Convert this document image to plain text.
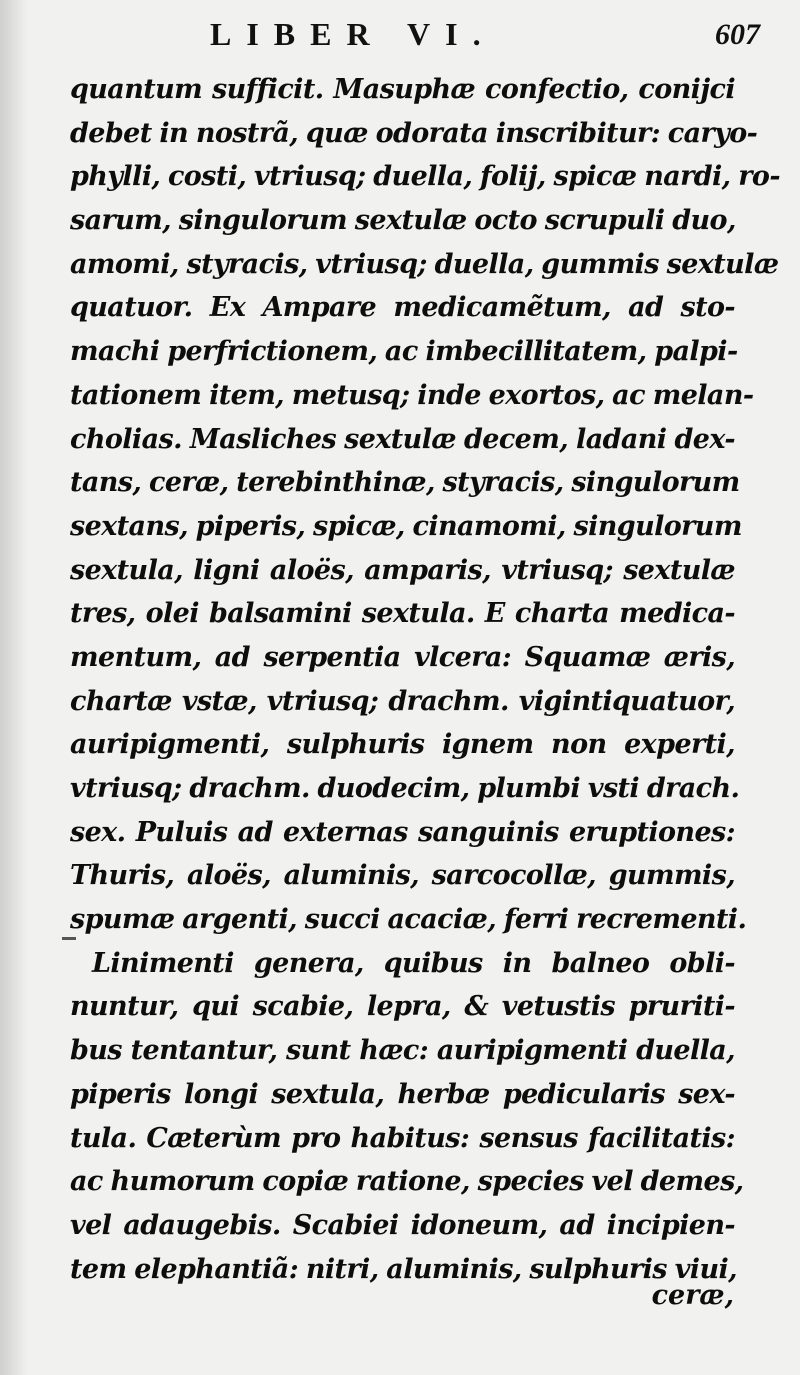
LIBER VI.	607
quantum sufficit. Masuphæ confectio, conijci
debet in nostrã, quæ odorata inscribitur: caryo-
phylli, costi, vtriusq; duella, folij, spicæ nardi, ro-
sarum, singulorum sextulæ octo scrupuli duo,
amomi, styracis, vtriusq; duella, gummis sextulæ
quatuor. Ex Ampare medicamẽtum, ad sto-
machi perfrictionem, ac imbecillitatem, palpi-
tationem item, metusq; inde exortos, ac melan-
cholias. Masliches sextulæ decem, ladani dex-
tans, ceræ, terebinthinæ, styracis, singulorum
sextans, piperis, spicæ, cinamomi, singulorum
sextula, ligni aloës, amparis, vtriusq; sextulæ
tres, olei balsamini sextula. E charta medica-
mentum, ad serpentia vlcera: Squamæ æris,
chartæ vstæ, vtriusq; drachm. vigintiquatuor,
auripigmenti, sulphuris ignem non experti,
vtriusq; drachm. duodecim, plumbi vsti drach.
sex. Puluis ad externas sanguinis eruptiones:
Thuris, aloës, aluminis, sarcocollæ, gummis,
spumæ argenti, succi acaciæ, ferri recrementi.
Linimenti genera, quibus in balneo obli-
nuntur, qui scabie, lepra, & vetustis pruriti-
bus tentantur, sunt hæc: auripigmenti duella,
piperis longi sextula, herbæ pedicularis sex-
tula. Cæterùm pro habitus: sensus facilitatis:
ac humorum copiæ ratione, species vel demes,
vel adaugebis. Scabiei idoneum, ad incipien-
tem elephantiã: nitri, aluminis, sulphuris viui,
ceræ,
